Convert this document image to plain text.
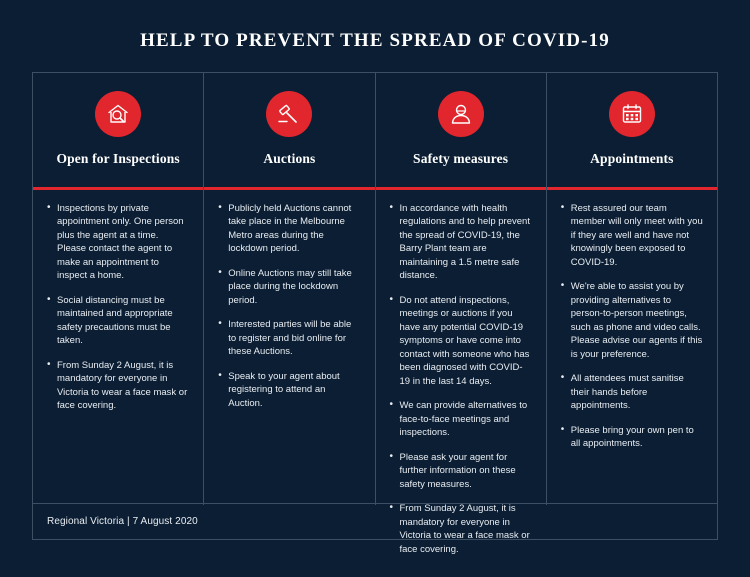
HELP TO PREVENT THE SPREAD OF COVID-19
Open for Inspections
• Inspections by private appointment only. One person plus the agent at a time. Please contact the agent to make an appointment to inspect a home.
• Social distancing must be maintained and appropriate safety precautions must be taken.
• From Sunday 2 August, it is mandatory for everyone in Victoria to wear a face mask or face covering.
Auctions
• Publicly held Auctions cannot take place in the Melbourne Metro areas during the lockdown period.
• Online Auctions may still take place during the lockdown period.
• Interested parties will be able to register and bid online for these Auctions.
• Speak to your agent about registering to attend an Auction.
Safety measures
• In accordance with health regulations and to help prevent the spread of COVID-19, the Barry Plant team are maintaining a 1.5 metre safe distance.
• Do not attend inspections, meetings or auctions if you have any potential COVID-19 symptoms or have come into contact with someone who has been diagnosed with COVID-19 in the last 14 days.
• We can provide alternatives to face-to-face meetings and inspections.
• Please ask your agent for further information on these safety measures.
• From Sunday 2 August, it is mandatory for everyone in Victoria to wear a face mask or face covering.
Appointments
• Rest assured our team member will only meet with you if they are well and have not knowingly been exposed to COVID-19.
• We're able to assist you by providing alternatives to person-to-person meetings, such as phone and video calls. Please advise our agents if this is your preference.
• All attendees must sanitise their hands before appointments.
• Please bring your own pen to all appointments.
Regional Victoria | 7 August 2020
